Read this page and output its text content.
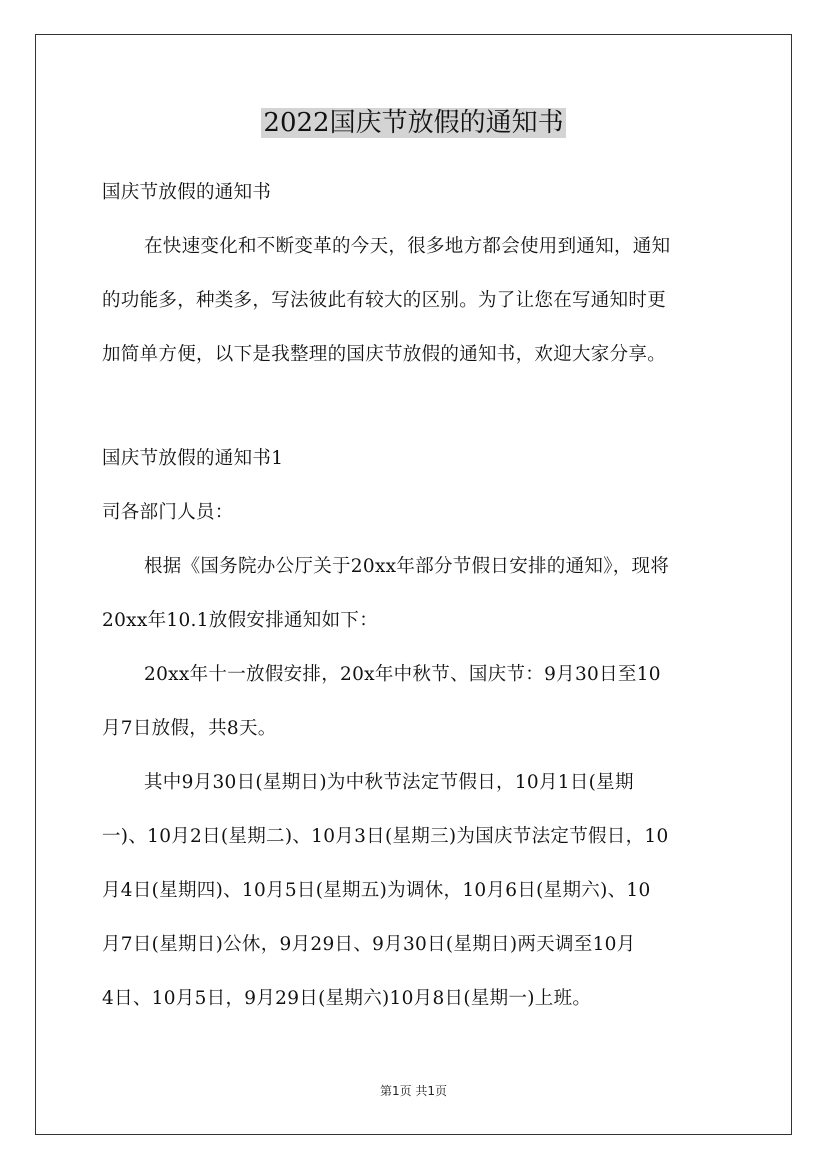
2022国庆节放假的通知书
国庆节放假的通知书
在快速变化和不断变革的今天，很多地方都会使用到通知，通知
的功能多，种类多，写法彼此有较大的区别。为了让您在写通知时更
加简单方便，以下是我整理的国庆节放假的通知书，欢迎大家分享。
国庆节放假的通知书1
司各部门人员：
根据《国务院办公厅关于20xx年部分节假日安排的通知》，现将
20xx年10.1放假安排通知如下：
20xx年十一放假安排，20x年中秋节、国庆节：9月30日至10
月7日放假，共8天。
其中9月30日(星期日)为中秋节法定节假日，10月1日(星期
一)、10月2日(星期二)、10月3日(星期三)为国庆节法定节假日，10
月4日(星期四)、10月5日(星期五)为调休，10月6日(星期六)、10
月7日(星期日)公休，9月29日、9月30日(星期日)两天调至10月
4日、10月5日，9月29日(星期六)10月8日(星期一)上班。
第1页 共1页
